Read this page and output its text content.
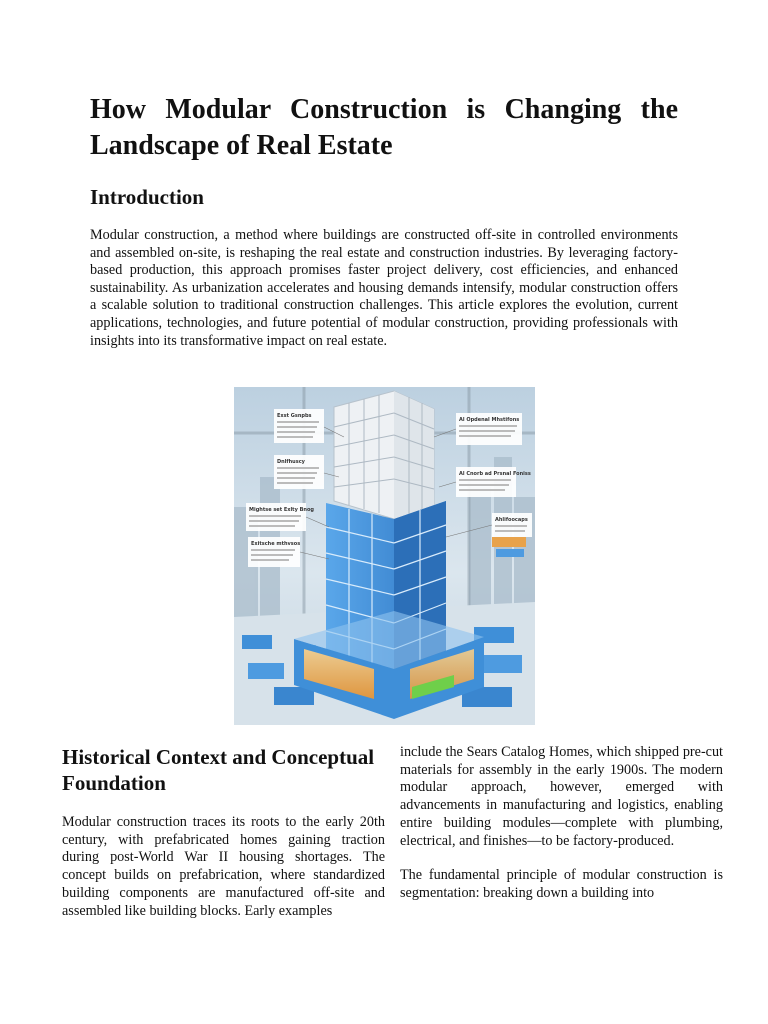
How Modular Construction is Changing the Landscape of Real Estate
Introduction

Modular construction, a method where buildings are constructed off-site in controlled environments and assembled on-site, is reshaping the real estate and construction industries. By leveraging factory-based production, this approach promises faster project delivery, cost efficiencies, and enhanced sustainability. As urbanization accelerates and housing demands intensify, modular construction offers a scalable solution to traditional construction challenges. This article explores the evolution, current applications, technologies, and future potential of modular construction, providing professionals with insights into its transformative impact on real estate.

Exst Gsnpbs
Dnlfhuscy
Mightse set Exlty Bnog
Exitsche mthvsos
Al Opdenal Mhstifons
Al Cnorb ad Prsnal Foniss
Ahlifoocaps
Historical Context and Conceptual Foundation

Modular construction traces its roots to the early 20th century, with prefabricated homes gaining traction during post-World War II housing shortages. The concept builds on prefabrication, where standardized building components are manufactured off-site and assembled like building blocks. Early examples

include the Sears Catalog Homes, which shipped pre-cut materials for assembly in the early 1900s. The modern modular approach, however, emerged with advancements in manufacturing and logistics, enabling entire building modules—complete with plumbing, electrical, and finishes—to be factory-produced.

The fundamental principle of modular construction is segmentation: breaking down a building into
